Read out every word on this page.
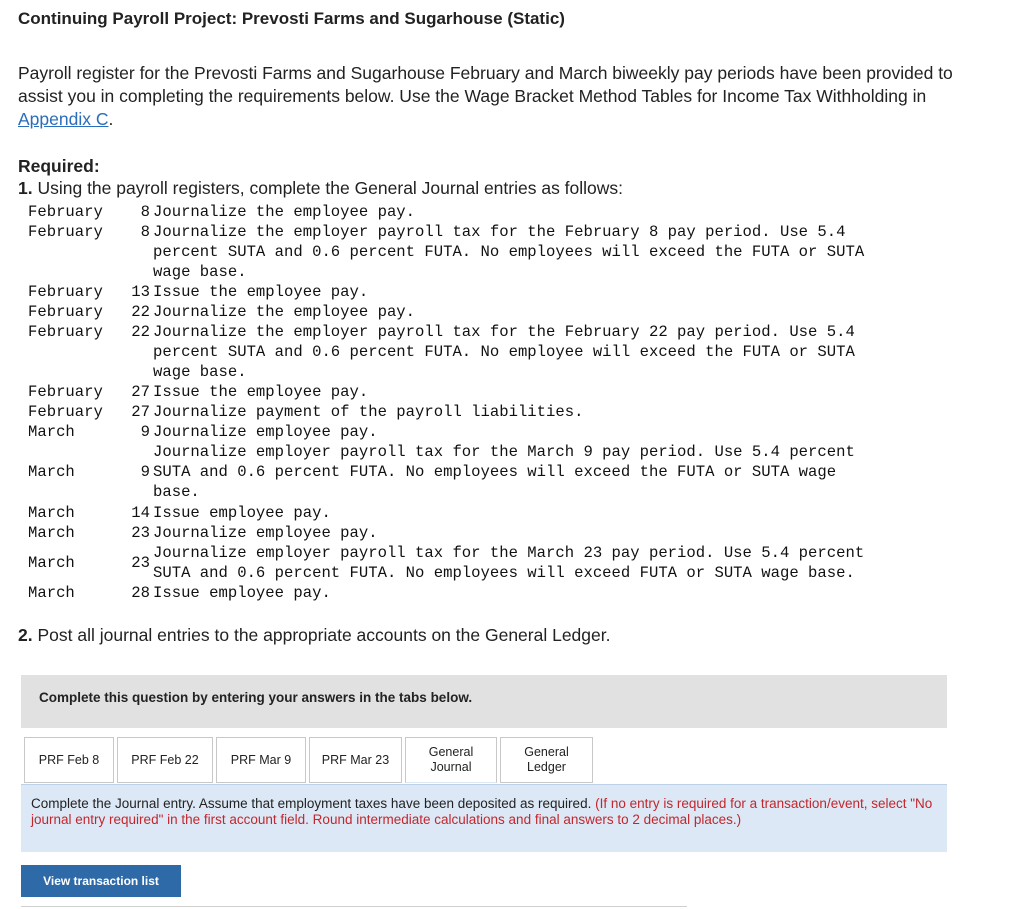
Continuing Payroll Project: Prevosti Farms and Sugarhouse (Static)
Payroll register for the Prevosti Farms and Sugarhouse February and March biweekly pay periods have been provided to assist you in completing the requirements below. Use the Wage Bracket Method Tables for Income Tax Withholding in Appendix C.
Required:
1. Using the payroll registers, complete the General Journal entries as follows:
February	8 Journalize the employee pay.
February	8 Journalize the employer payroll tax for the February 8 pay period. Use 5.4
percent SUTA and 0.6 percent FUTA. No employees will exceed the FUTA or SUTA
wage base.
February	13 Issue the employee pay.
February	22 Journalize the employee pay.
February	22 Journalize the employer payroll tax for the February 22 pay period. Use 5.4
percent SUTA and 0.6 percent FUTA. No employee will exceed the FUTA or SUTA
wage base.
February	27 Issue the employee pay.
February	27 Journalize payment of the payroll liabilities.
March	9 Journalize employee pay.
March	9
Journalize employer payroll tax for the March 9 pay period. Use 5.4 percent
SUTA and 0.6 percent FUTA. No employees will exceed the FUTA or SUTA wage
base.
March	14 Issue employee pay.
March	23 Journalize employee pay.
March	23
Journalize employer payroll tax for the March 23 pay period. Use 5.4 percent
SUTA and 0.6 percent FUTA. No employees will exceed FUTA or SUTA wage base.
March	28 Issue employee pay.
2. Post all journal entries to the appropriate accounts on the General Ledger.
Complete this question by entering your answers in the tabs below.
PRF Feb 8	PRF Feb 22	PRF Mar 9	PRF Mar 23
General
Journal
General
Ledger
Complete the Journal entry. Assume that employment taxes have been deposited as required. (If no entry is required for a transaction/event, select "No journal entry required" in the first account field. Round intermediate calculations and final answers to 2 decimal places.)
View transaction list
